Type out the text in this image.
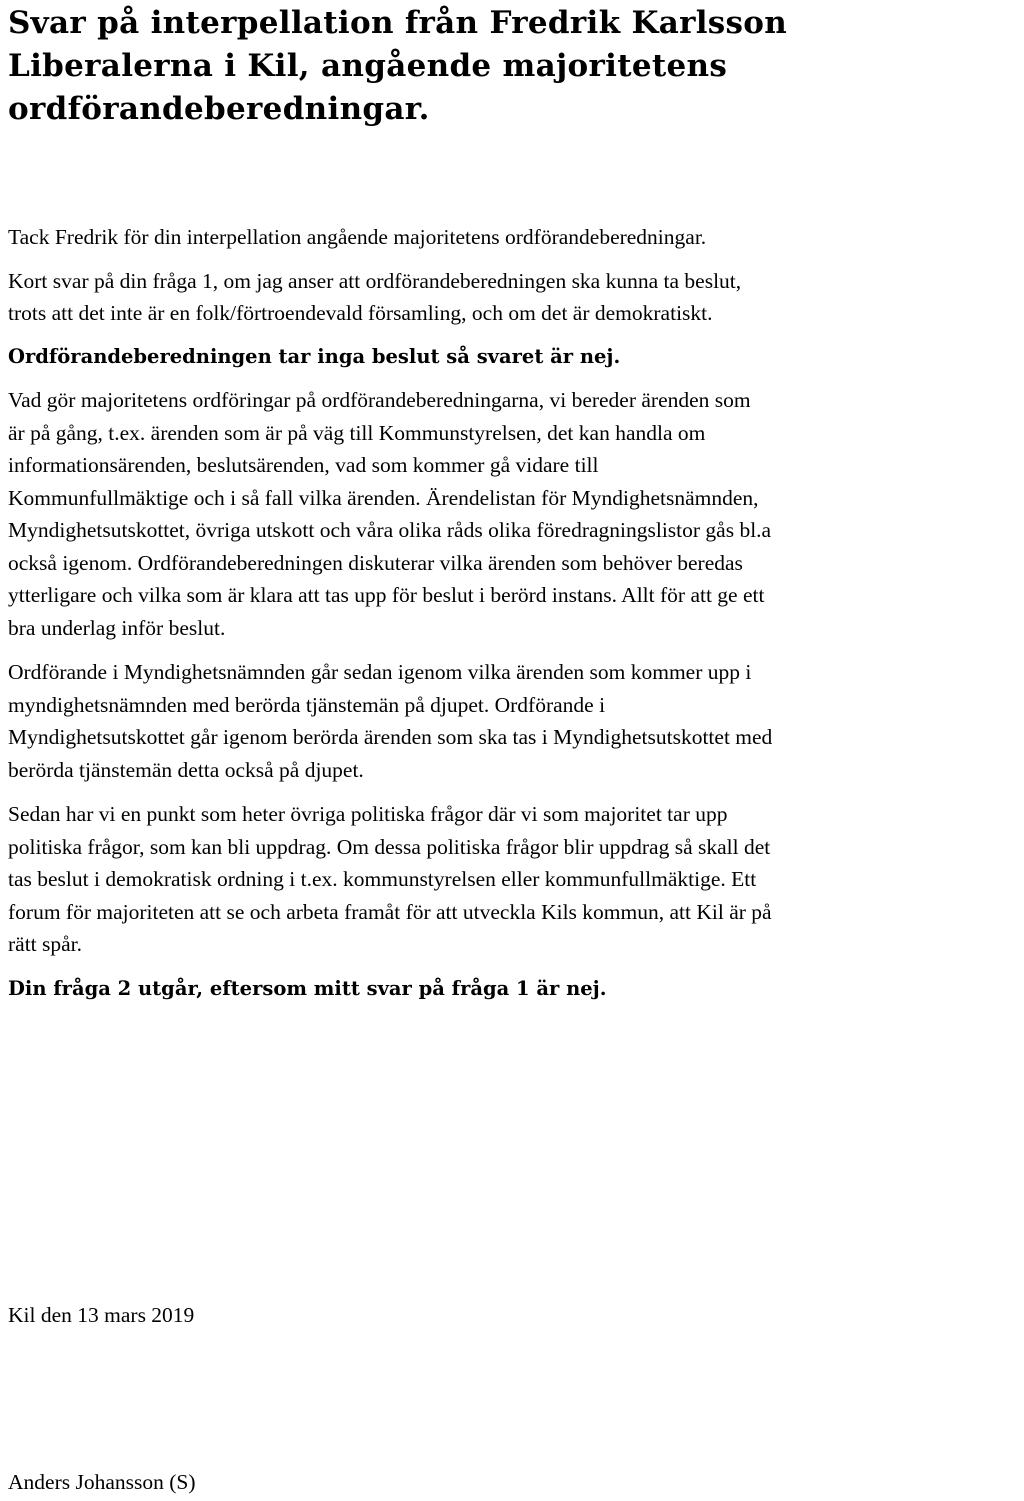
Svar på interpellation från Fredrik Karlsson
Liberalerna i Kil, angående majoritetens
ordförandeberedningar.

Tack Fredrik för din interpellation angående majoritetens ordförandeberedningar.

Kort svar på din fråga 1, om jag anser att ordförandeberedningen ska kunna ta beslut,
trots att det inte är en folk/förtroendevald församling, och om det är demokratiskt.

Ordförandeberedningen tar inga beslut så svaret är nej.

Vad gör majoritetens ordföringar på ordförandeberedningarna, vi bereder ärenden som
är på gång, t.ex. ärenden som är på väg till Kommunstyrelsen, det kan handla om
informationsärenden, beslutsärenden, vad som kommer gå vidare till
Kommunfullmäktige och i så fall vilka ärenden. Ärendelistan för Myndighetsnämnden,
Myndighetsutskottet, övriga utskott och våra olika råds olika föredragningslistor gås bl.a
också igenom. Ordförandeberedningen diskuterar vilka ärenden som behöver beredas
ytterligare och vilka som är klara att tas upp för beslut i berörd instans. Allt för att ge ett
bra underlag inför beslut.

Ordförande i Myndighetsnämnden går sedan igenom vilka ärenden som kommer upp i
myndighetsnämnden med berörda tjänstemän på djupet. Ordförande i
Myndighetsutskottet går igenom berörda ärenden som ska tas i Myndighetsutskottet med
berörda tjänstemän detta också på djupet.

Sedan har vi en punkt som heter övriga politiska frågor där vi som majoritet tar upp
politiska frågor, som kan bli uppdrag. Om dessa politiska frågor blir uppdrag så skall det
tas beslut i demokratisk ordning i t.ex. kommunstyrelsen eller kommunfullmäktige. Ett
forum för majoriteten att se och arbeta framåt för att utveckla Kils kommun, att Kil är på
rätt spår.

Din fråga 2 utgår, eftersom mitt svar på fråga 1 är nej.

Kil den 13 mars 2019

Anders Johansson (S)
